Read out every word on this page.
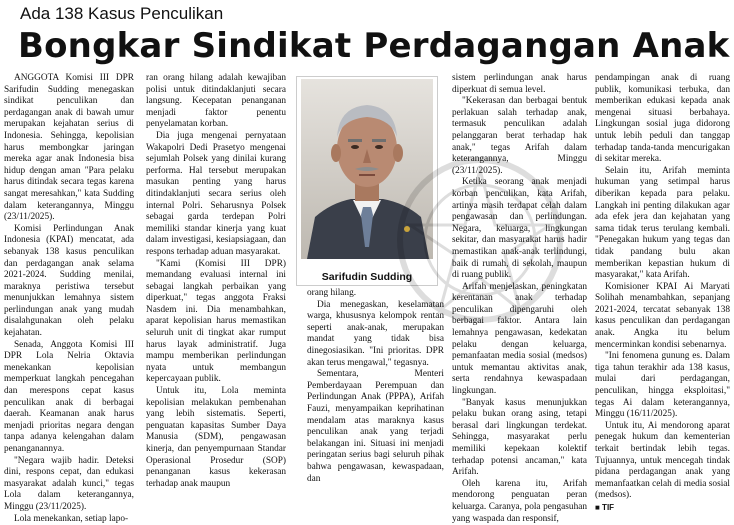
Ada 138 Kasus Penculikan
Bongkar Sindikat Perdagangan Anak

ANGGOTA Komisi III DPR Sarifudin Sudding menegaskan sindikat penculikan dan perdagangan anak di bawah umur merupakan kejahatan serius di Indonesia. Sehingga, kepolisian harus membongkar jaringan mereka agar anak Indonesia bisa hidup dengan aman "Para pelaku harus ditindak secara tegas karena sangat meresahkan," kata Sudding dalam keterangannya, Minggu (23/11/2025).

Komisi Perlindungan Anak Indonesia (KPAI) mencatat, ada sebanyak 138 kasus penculikan dan perdagangan anak selama 2021-2024. Sudding menilai, maraknya peristiwa tersebut menunjukkan lemahnya sistem perlindungan anak yang mudah disalahgunakan oleh pelaku kejahatan.

Senada, Anggota Komisi III DPR Lola Nelria Oktavia menekankan kepolisian memperkuat langkah pencegahan dan merespons cepat kasus penculikan anak di berbagai daerah. Keamanan anak harus menjadi prioritas negara dengan tanpa adanya kelengahan dalam penanganannya.

"Negara wajib hadir. Deteksi dini, respons cepat, dan edukasi masyarakat adalah kunci," tegas Lola dalam keterangannya, Minggu (23/11/2025).

Lola menekankan, setiap lapo-

ran orang hilang adalah kewajiban polisi untuk ditindaklanjuti secara langsung. Kecepatan penanganan menjadi faktor penentu penyelamatan korban.

Dia juga mengenai pernyataan Wakapolri Dedi Prasetyo mengenai sejumlah Polsek yang dinilai kurang performa. Hal tersebut merupakan masukan penting yang harus ditindaklanjuti secara serius oleh internal Polri. Seharusnya Polsek sebagai garda terdepan Polri memiliki standar kinerja yang kuat dalam investigasi, kesiapsiagaan, dan respons terhadap aduan masyarakat.

"Kami (Komisi III DPR) memandang evaluasi internal ini sebagai langkah perbaikan yang diperkuat," tegas anggota Fraksi Nasdem ini. Dia menambahkan, aparat kepolisian harus memastikan seluruh unit di tingkat akar rumput harus layak administratif. Juga mampu memberikan perlindungan nyata untuk membangun kepercayaan publik.

Untuk itu, Lola meminta kepolisian melakukan pembenahan yang lebih sistematis. Seperti, penguatan kapasitas Sumber Daya Manusia (SDM), pengawasan kinerja, dan penyempurnaan Standar Operasional Prosedur (SOP) penanganan kasus kekerasan terhadap anak maupun

Sarifudin Sudding

orang hilang.

Dia menegaskan, keselamatan warga, khususnya kelompok rentan seperti anak-anak, merupakan mandat yang tidak bisa dinegosiasikan. "Ini prioritas. DPR akan terus mengawal," tegasnya.

Sementara, Menteri Pemberdayaan Perempuan dan Perlindungan Anak (PPPA), Arifah Fauzi, menyampaikan keprihatinan mendalam atas maraknya kasus penculikan anak yang terjadi belakangan ini. Situasi ini menjadi peringatan serius bagi seluruh pihak bahwa pengawasan, kewaspadaan, dan

sistem perlindungan anak harus diperkuat di semua level.

"Kekerasan dan berbagai bentuk perlakuan salah terhadap anak, termasuk penculikan adalah pelanggaran berat terhadap hak anak," tegas Arifah dalam keterangannya, Minggu (23/11/2025).

Ketika seorang anak menjadi korban penculikan, kata Arifah, artinya masih terdapat celah dalam pengawasan dan perlindungan. Negara, keluarga, lingkungan sekitar, dan masyarakat harus hadir memastikan anak-anak terlindungi, baik di rumah, di sekolah, maupun di ruang publik.

Arifah menjelaskan, peningkatan kerentanan anak terhadap penculikan dipengaruhi oleh berbagai faktor. Antara lain lemahnya pengawasan, kedekatan pelaku dengan keluarga, pemanfaatan media sosial (medsos) untuk memantau aktivitas anak, serta rendahnya kewaspadaan lingkungan.

"Banyak kasus menunjukkan pelaku bukan orang asing, tetapi berasal dari lingkungan terdekat. Sehingga, masyarakat perlu memiliki kepekaan kolektif terhadap potensi ancaman," kata Arifah.

Oleh karena itu, Arifah mendorong penguatan peran keluarga. Caranya, pola pengasuhan yang waspada dan responsif,

pendampingan anak di ruang publik, komunikasi terbuka, dan memberikan edukasi kepada anak mengenai situasi berbahaya. Lingkungan sosial juga didorong untuk lebih peduli dan tanggap terhadap tanda-tanda mencurigakan di sekitar mereka.

Selain itu, Arifah meminta hukuman yang setimpal harus diberikan kepada para pelaku. Langkah ini penting dilakukan agar ada efek jera dan kejahatan yang sama tidak terus terulang kembali. "Penegakan hukum yang tegas dan tidak pandang bulu akan memberikan kepastian hukum di masyarakat," kata Arifah.

Komisioner KPAI Ai Maryati Solihah menambahkan, sepanjang 2021-2024, tercatat sebanyak 138 kasus penculikan dan perdagangan anak. Angka itu belum mencerminkan kondisi sebenarnya.

"Ini fenomena gunung es. Dalam tiga tahun terakhir ada 138 kasus, mulai dari perdagangan, penculikan, hingga eksploitasi," tegas Ai dalam keterangannya, Minggu (16/11/2025).

Untuk itu, Ai mendorong aparat penegak hukum dan kementerian terkait bertindak lebih tegas. Tujuannya, untuk mencegah tindak pidana perdagangan anak yang memanfaatkan celah di media sosial (medsos).

■ TIF
